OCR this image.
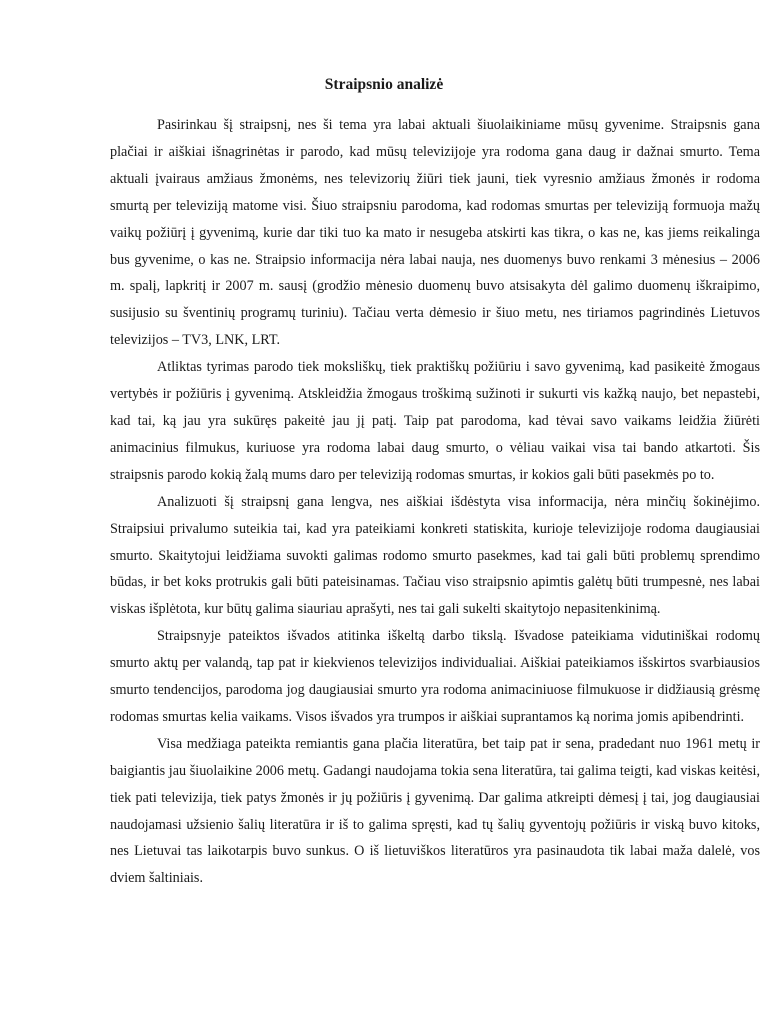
Straipsnio analizė

Pasirinkau šį straipsnį, nes ši tema yra labai aktuali šiuolaikiniame mūsų gyvenime. Straipsnis gana plačiai ir aiškiai išnagrinėtas ir parodo, kad mūsų televizijoje yra rodoma gana daug ir dažnai smurto. Tema aktuali įvairaus amžiaus žmonėms, nes televizorių žiūri tiek jauni, tiek vyresnio amžiaus žmonės ir rodoma smurtą per televiziją matome visi. Šiuo straipsniu parodoma, kad rodomas smurtas per televiziją formuoja mažų vaikų požiūrį į gyvenimą, kurie dar tiki tuo ka mato ir nesugeba atskirti kas tikra, o kas ne, kas jiems reikalinga bus gyvenime, o kas ne. Straipsio informacija nėra labai nauja, nes duomenys buvo renkami 3 mėnesius – 2006 m. spalį, lapkritį ir 2007 m. sausį (grodžio mėnesio duomenų buvo atsisakyta dėl galimo duomenų iškraipimo, susijusio su šventinių programų turiniu). Tačiau verta dėmesio ir šiuo metu, nes tiriamos pagrindinės Lietuvos televizijos – TV3, LNK, LRT.

Atliktas tyrimas parodo tiek moksliškų, tiek praktiškų požiūriu i savo gyvenimą, kad pasikeitė žmogaus vertybės ir požiūris į gyvenimą. Atskleidžia žmogaus troškimą sužinoti ir sukurti vis kažką naujo, bet nepastebi, kad tai, ką jau yra sukūręs pakeitė jau jį patį. Taip pat parodoma, kad tėvai savo vaikams leidžia žiūrėti animacinius filmukus, kuriuose yra rodoma labai daug smurto, o vėliau vaikai visa tai bando atkartoti. Šis straipsnis parodo kokią žalą mums daro per televiziją rodomas smurtas, ir kokios gali būti pasekmės po to.

Analizuoti šį straipsnį gana lengva, nes aiškiai išdėstyta visa informacija, nėra minčių šokinėjimo. Straipsiui privalumo suteikia tai, kad yra pateikiami konkreti statiskita, kurioje televizijoje rodoma daugiausiai smurto. Skaitytojui leidžiama suvokti galimas rodomo smurto pasekmes, kad tai gali būti problemų sprendimo būdas, ir bet koks protrukis gali būti pateisinamas. Tačiau viso straipsnio apimtis galėtų būti trumpesnė, nes labai viskas išplėtota, kur būtų galima siauriau aprašyti, nes tai gali sukelti skaitytojo nepasitenkinimą.

Straipsnyje pateiktos išvados atitinka iškeltą darbo tikslą. Išvadose pateikiama vidutiniškai rodomų smurto aktų per valandą, tap pat ir kiekvienos televizijos individualiai. Aiškiai pateikiamos išskirtos svarbiausios smurto tendencijos, parodoma jog daugiausiai smurto yra rodoma animaciniuose filmukuose ir didžiausią grėsmę rodomas smurtas kelia vaikams. Visos išvados yra trumpos ir aiškiai suprantamos ką norima jomis apibendrinti.

Visa medžiaga pateikta remiantis gana plačia literatūra, bet taip pat ir sena, pradedant nuo 1961 metų ir baigiantis jau šiuolaikine 2006 metų. Gadangi naudojama tokia sena literatūra, tai galima teigti, kad viskas keitėsi, tiek pati televizija, tiek patys žmonės ir jų požiūris į gyvenimą. Dar galima atkreipti dėmesį į tai, jog daugiausiai naudojamasi užsienio šalių literatūra ir iš to galima spręsti, kad tų šalių gyventojų požiūris ir viską buvo kitoks, nes Lietuvai tas laikotarpis buvo sunkus. O iš lietuviškos literatūros yra pasinaudota tik labai maža dalelė, vos dviem šaltiniais.
